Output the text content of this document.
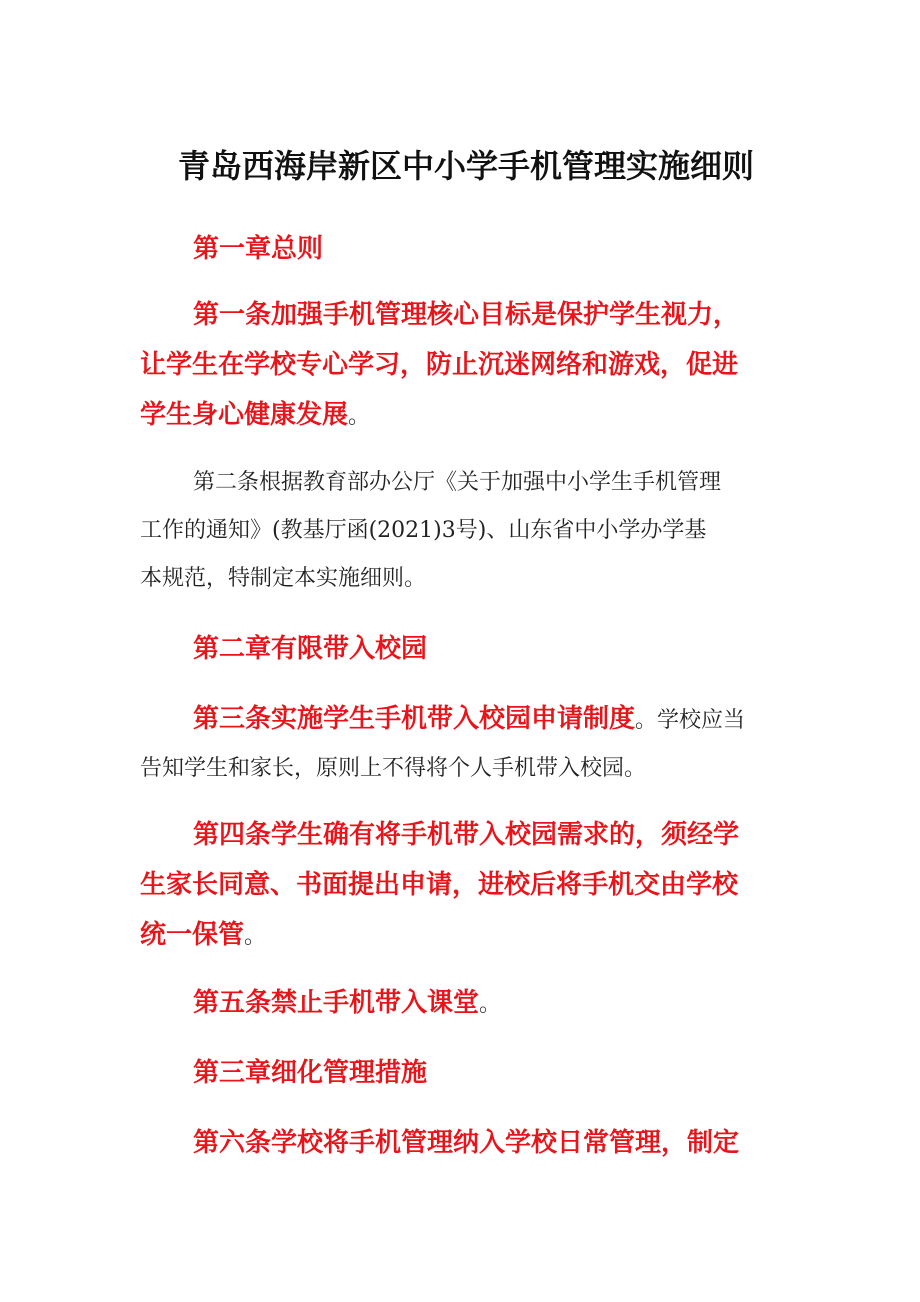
青岛西海岸新区中小学手机管理实施细则
第一章总则
第一条加强手机管理核心目标是保护学生视力，
让学生在学校专心学习，防止沉迷网络和游戏，促进
学生身心健康发展。
第二条根据教育部办公厅《关于加强中小学生手机管理
工作的通知》(教基厅函(2021)3号)、山东省中小学办学基
本规范，特制定本实施细则。
第二章有限带入校园
第三条实施学生手机带入校园申请制度。学校应当
告知学生和家长，原则上不得将个人手机带入校园。
第四条学生确有将手机带入校园需求的，须经学
生家长同意、书面提出申请，进校后将手机交由学校
统一保管。
第五条禁止手机带入课堂。
第三章细化管理措施
第六条学校将手机管理纳入学校日常管理，制定
